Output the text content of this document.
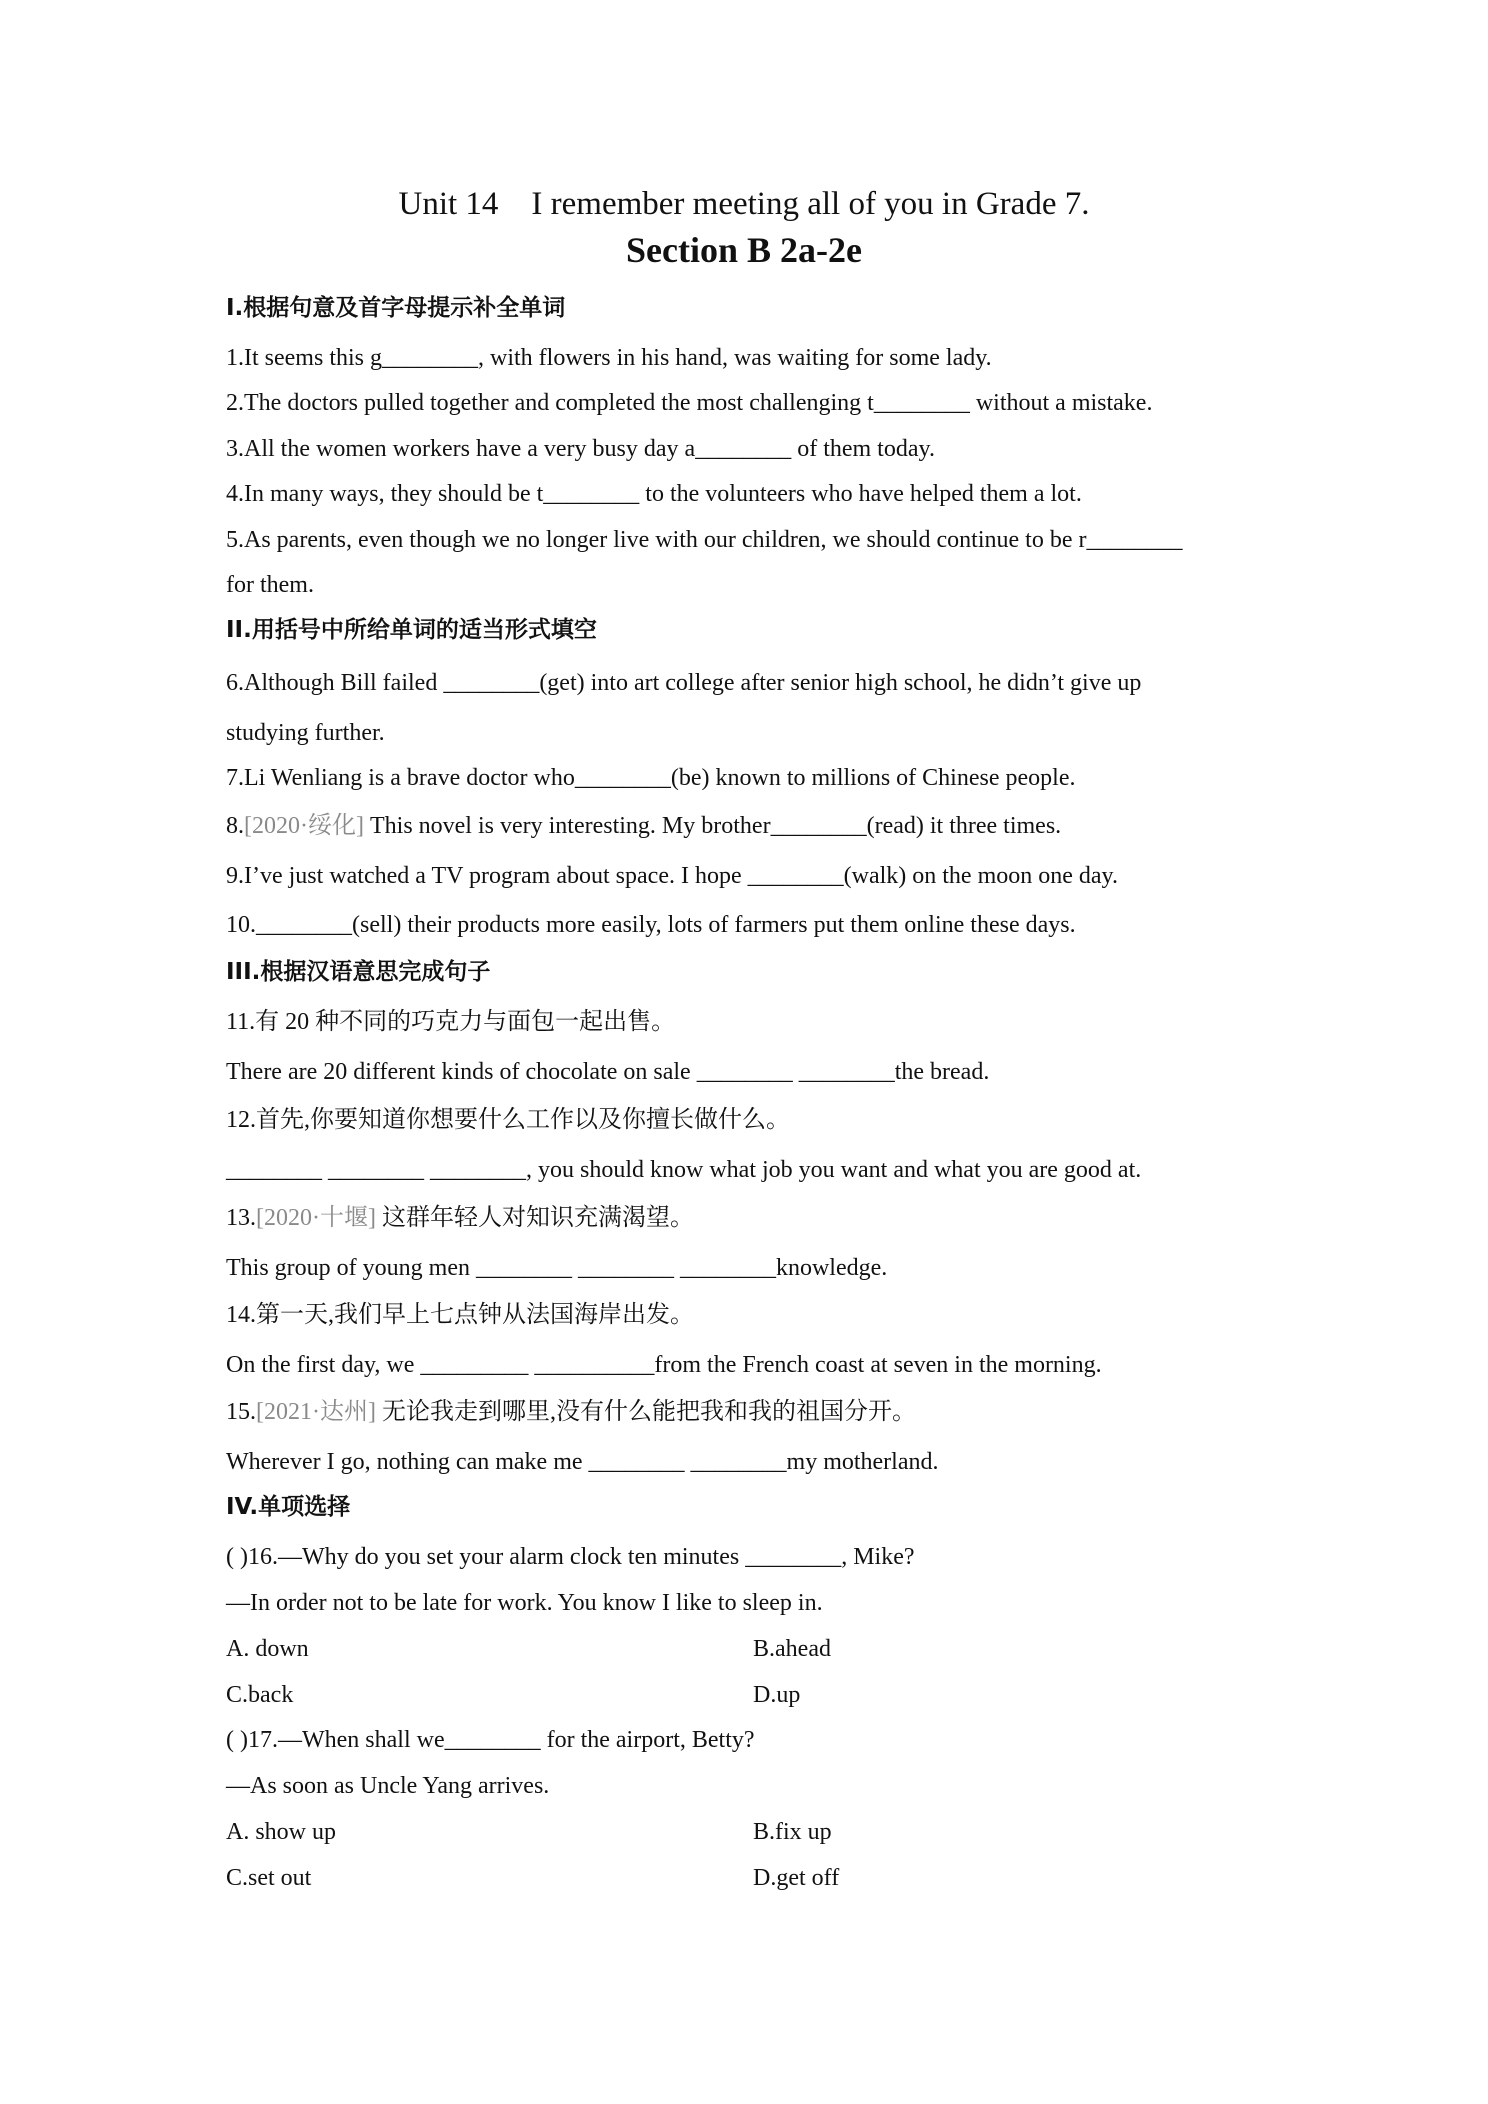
Unit 14　I remember meeting all of you in Grade 7.
Section B 2a-2e
I.根据句意及首字母提示补全单词
1.It seems this g________, with flowers in his hand, was waiting for some lady.
2.The doctors pulled together and completed the most challenging t________ without a mistake.
3.All the women workers have a very busy day a________ of them today.
4.In many ways, they should be t________ to the volunteers who have helped them a lot.
5.As parents, even though we no longer live with our children, we should continue to be r________
for them.
II.用括号中所给单词的适当形式填空
6.Although Bill failed ________(get) into art college after senior high school, he didn’t give up
studying further.
7.Li Wenliang is a brave doctor who________(be) known to millions of Chinese people.
8.[2020·绥化] This novel is very interesting. My brother________(read) it three times.
9.I’ve just watched a TV program about space. I hope ________(walk) on the moon one day.
10.________(sell) their products more easily, lots of farmers put them online these days.
III.根据汉语意思完成句子
11.有 20 种不同的巧克力与面包一起出售。
There are 20 different kinds of chocolate on sale ________ ________the bread.
12.首先,你要知道你想要什么工作以及你擅长做什么。
________ ________ ________, you should know what job you want and what you are good at.
13.[2020·十堰] 这群年轻人对知识充满渴望。
This group of young men ________ ________ ________knowledge.
14.第一天,我们早上七点钟从法国海岸出发。
On the first day, we _________ __________from the French coast at seven in the morning.
15.[2021·达州] 无论我走到哪里,没有什么能把我和我的祖国分开。
Wherever I go, nothing can make me ________ ________my motherland.
IV.单项选择
( )16.—Why do you set your alarm clock ten minutes ________, Mike?
—In order not to be late for work. You know I like to sleep in.
A. down	B.ahead
C.back	D.up
( )17.—When shall we________ for the airport, Betty?
—As soon as Uncle Yang arrives.
A. show up	B.fix up
C.set out	D.get off
